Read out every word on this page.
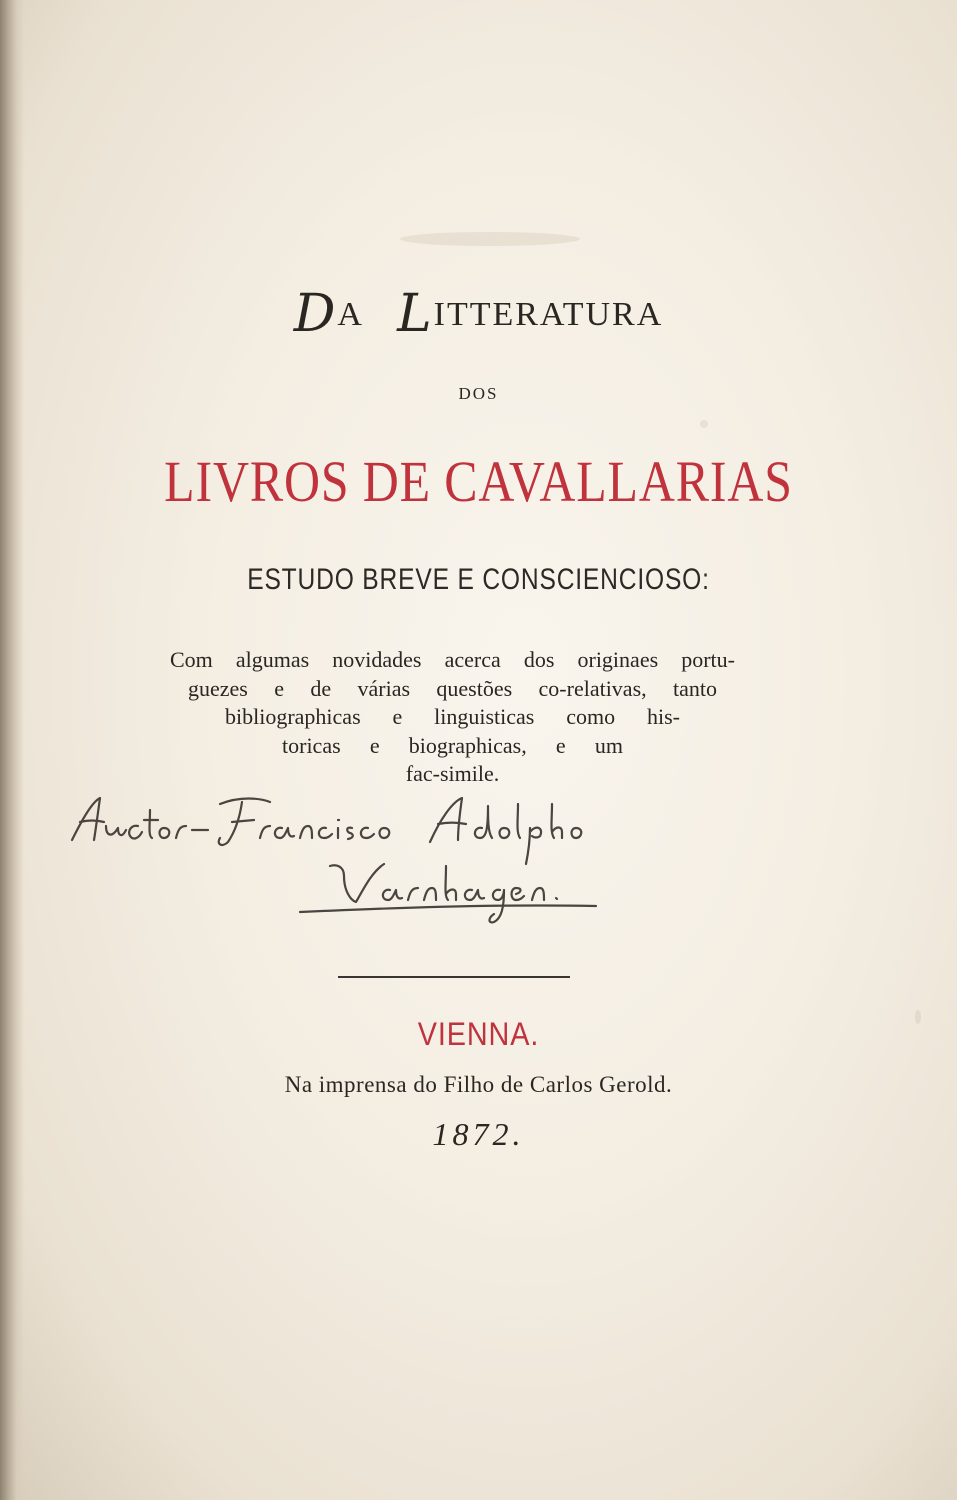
DA LITTERATURA
DOS
LIVROS DE CAVALLARIAS
ESTUDO BREVE E CONSCIENCIOSO:
Com algumas novidades acerca dos originaes portu-
guezes e de várias questões co-relativas, tanto
bibliographicas e linguisticas como his-
toricas e biographicas, e um
fac-simile.
VIENNA.
Na imprensa do Filho de Carlos Gerold.
1872.
